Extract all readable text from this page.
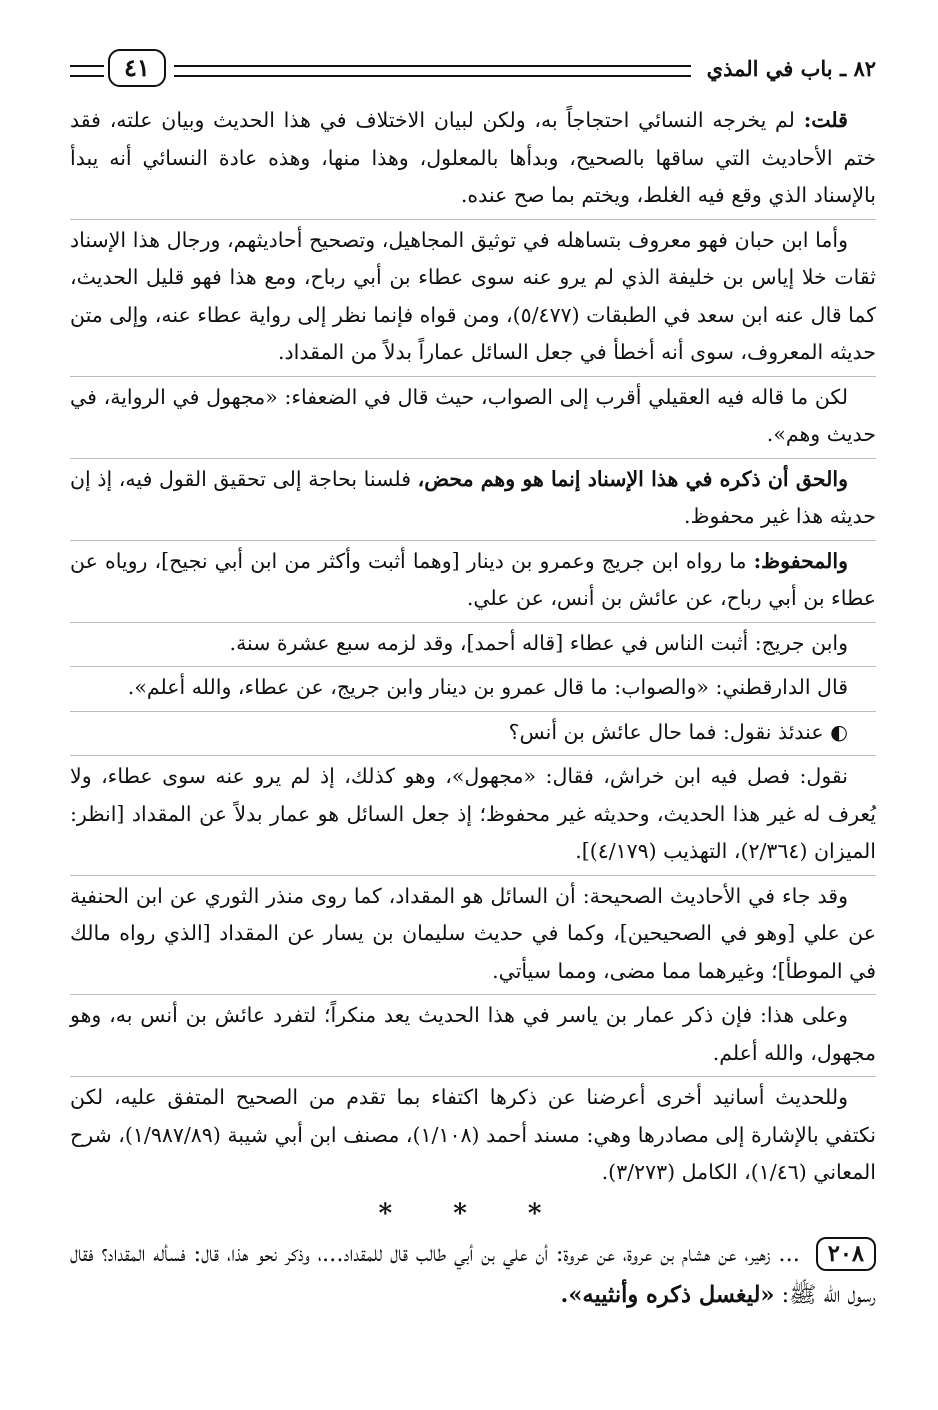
٨٢ ـ باب في المذي
٤١

قلت: لم يخرجه النسائي احتجاجاً به، ولكن لبيان الاختلاف في هذا الحديث وبيان علته، فقد ختم الأحاديث التي ساقها بالصحيح، وبدأها بالمعلول، وهذا منها، وهذه عادة النسائي أنه يبدأ بالإسناد الذي وقع فيه الغلط، ويختم بما صح عنده.

وأما ابن حبان فهو معروف بتساهله في توثيق المجاهيل، وتصحيح أحاديثهم، ورجال هذا الإسناد ثقات خلا إياس بن خليفة الذي لم يرو عنه سوى عطاء بن أبي رباح، ومع هذا فهو قليل الحديث، كما قال عنه ابن سعد في الطبقات (٥/٤٧٧)، ومن قواه فإنما نظر إلى رواية عطاء عنه، وإلى متن حديثه المعروف، سوى أنه أخطأ في جعل السائل عماراً بدلاً من المقداد.

لكن ما قاله فيه العقيلي أقرب إلى الصواب، حيث قال في الضعفاء: «مجهول في الرواية، في حديث وهم».

والحق أن ذكره في هذا الإسناد إنما هو وهم محض، فلسنا بحاجة إلى تحقيق القول فيه، إذ إن حديثه هذا غير محفوظ.

والمحفوظ: ما رواه ابن جريج وعمرو بن دينار [وهما أثبت وأكثر من ابن أبي نجيح]، روياه عن عطاء بن أبي رباح، عن عائش بن أنس، عن علي.

وابن جريج: أثبت الناس في عطاء [قاله أحمد]، وقد لزمه سبع عشرة سنة.

قال الدارقطني: «والصواب: ما قال عمرو بن دينار وابن جريج، عن عطاء، والله أعلم».

◐ عندئذ نقول: فما حال عائش بن أنس؟

نقول: فصل فيه ابن خراش، فقال: «مجهول»، وهو كذلك، إذ لم يرو عنه سوى عطاء، ولا يُعرف له غير هذا الحديث، وحديثه غير محفوظ؛ إذ جعل السائل هو عمار بدلاً عن المقداد [انظر: الميزان (٢/٣٦٤)، التهذيب (٤/١٧٩)].

وقد جاء في الأحاديث الصحيحة: أن السائل هو المقداد، كما روى منذر الثوري عن ابن الحنفية عن علي [وهو في الصحيحين]، وكما في حديث سليمان بن يسار عن المقداد [الذي رواه مالك في الموطأ]؛ وغيرهما مما مضى، ومما سيأتي.

وعلى هذا: فإن ذكر عمار بن ياسر في هذا الحديث يعد منكراً؛ لتفرد عائش بن أنس به، وهو مجهول، والله أعلم.

وللحديث أسانيد أخرى أعرضنا عن ذكرها اكتفاء بما تقدم من الصحيح المتفق عليه، لكن نكتفي بالإشارة إلى مصادرها وهي: مسند أحمد (١/١٠٨)، مصنف ابن أبي شيبة (١/٩٨٧/٨٩)، شرح المعاني (١/٤٦)، الكامل (٣/٢٧٣).

* * *
٢٠٨ ... زهير، عن هشام بن عروة، عن عروة: أن علي بن أبي طالب قال للمقداد...، وذكر نحو هذا، قال: فسأله المقداد؟ فقال رسول الله ﷺ: «ليغسل ذكره وأنثييه».
